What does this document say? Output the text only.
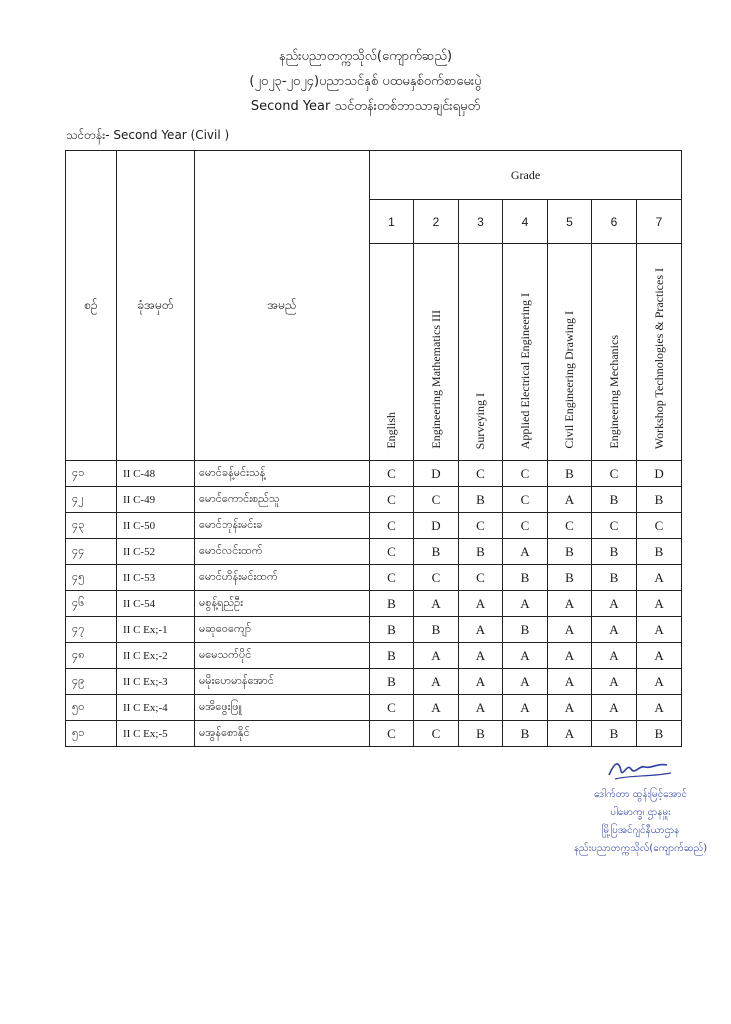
နည်းပညာတက္ကသိုလ်(ကျောက်ဆည်)
(၂၀၂၃-၂၀၂၄)ပညာသင်နှစ် ပထမနှစ်ဝက်စာမေးပွဲ
Second Year သင်တန်းတစ်ဘာသာချင်းရမှတ်
သင်တန်း- Second Year (Civil )
စဉ်	ခုံအမှတ်	အမည်	Grade						
			1	2	3	4	5	6	7
			English	Engineering Mathematics III	Surveying I	Applied Electrical Engineering I	Civil Engineering Drawing I	Engineering Mechanics	Workshop Technologies & Practices I
၄၁	II C-48	မောင်ခန့်မင်းသန့်	C	D	C	C	B	C	D
၄၂	II C-49	မောင်ကောင်းစည်သူ	C	C	B	C	A	B	B
၄၃	II C-50	မောင်ဘုန်းမင်းခ	C	D	C	C	C	C	C
၄၄	II C-52	မောင်လင်းထက်	C	B	B	A	B	B	B
၄၅	II C-53	မောင်ဟိန်းမင်းထက်	C	C	C	B	B	B	A
၄၆	II C-54	မစွန့်ရည်ဦး	B	A	A	A	A	A	A
၄၇	II C Ex;-1	မဆုဝေကျော်	B	B	A	B	A	A	A
၄၈	II C Ex;-2	မမေသက်ပိုင်	B	A	A	A	A	A	A
၄၉	II C Ex;-3	မမိုးဟေမာန်အောင်	B	A	A	A	A	A	A
၅၀	II C Ex;-4	မအိဖွေးဖြူ	C	A	A	A	A	A	A
၅၁	II C Ex;-5	မအွန်စောနိုင်	C	C	B	B	A	B	B
ဒေါက်တာ ထွန်းမြင့်အောင်
ပါမောက္ခ၊ ဌာနမှူး
မြို့ပြအင်ဂျင်နီယာဌာန
နည်းပညာတက္ကသိုလ်(ကျောက်ဆည်)
